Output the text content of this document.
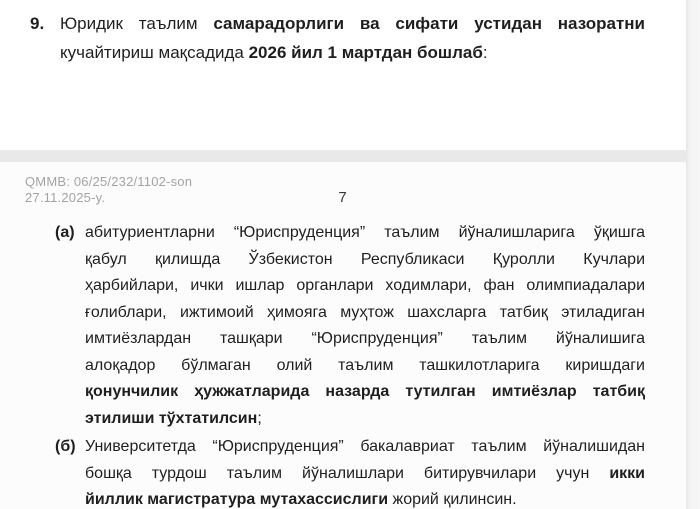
9. Юридик таълим самарадорлиги ва сифати устидан назоратни
кучайтириш мақсадида 2026 йил 1 мартдан бошлаб:
QMMB: 06/25/232/1102-son
27.11.2025-y.	7
(а) абитуриентларни “Юриспруденция” таълим йўналишларига ўқишга
қабул қилишда Ўзбекистон Республикаси Қуролли Кучлари
ҳарбийлари, ички ишлар органлари ходимлари, фан олимпиадалари
ғолиблари, ижтимоий ҳимояга муҳтож шахсларга татбиқ этиладиган
имтиёзлардан ташқари “Юриспруденция” таълим йўналишига
алоқадор бўлмаган олий таълим ташкилотларига киришдаги
қонунчилик ҳужжатларида назарда тутилган имтиёзлар татбиқ
этилиши тўхтатилсин;
(б) Университетда “Юриспруденция” бакалавриат таълим йўналишидан
бошқа турдош таълим йўналишлари битирувчилари учун икки
йиллик магистратура мутахассислиги жорий қилинсин.
